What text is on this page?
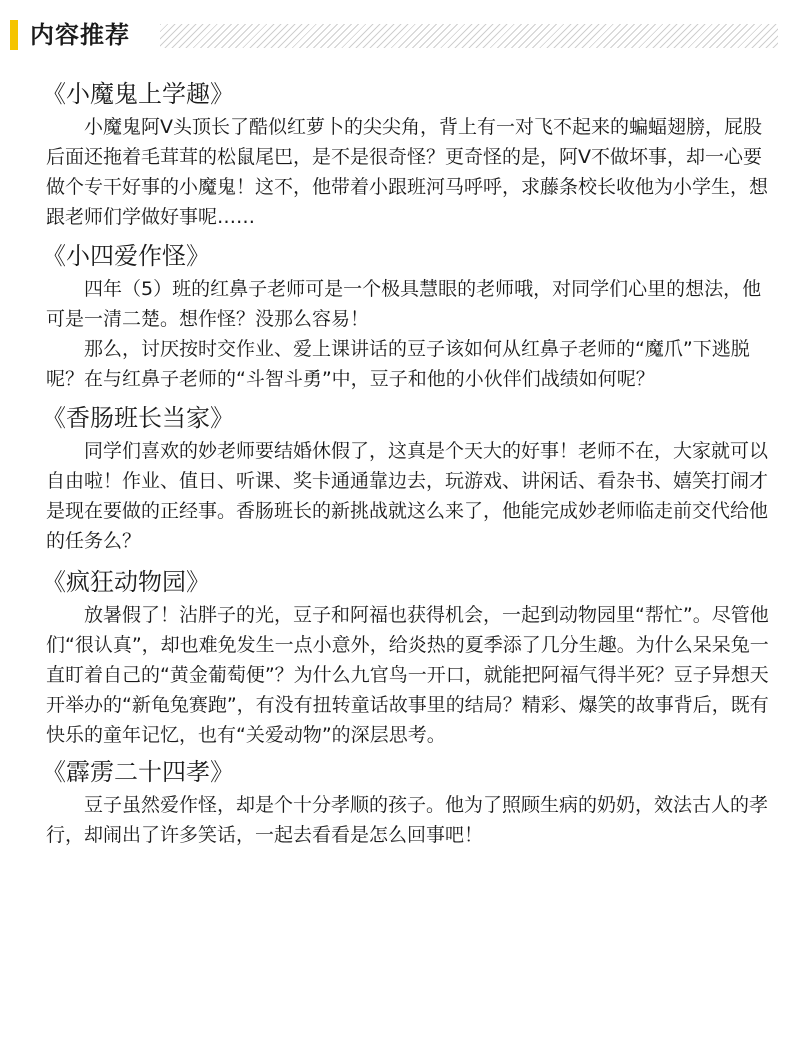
内容推荐
《小魔鬼上学趣》

小魔鬼阿V头顶长了酷似红萝卜的尖尖角，背上有一对飞不起来的蝙蝠翅膀，屁股后面还拖着毛茸茸的松鼠尾巴，是不是很奇怪？更奇怪的是，阿V不做坏事，却一心要做个专干好事的小魔鬼！这不，他带着小跟班河马呼呼，求藤条校长收他为小学生，想跟老师们学做好事呢……

《小四爱作怪》

四年（5）班的红鼻子老师可是一个极具慧眼的老师哦，对同学们心里的想法，他可是一清二楚。想作怪？没那么容易！

那么，讨厌按时交作业、爱上课讲话的豆子该如何从红鼻子老师的“魔爪”下逃脱呢？在与红鼻子老师的“斗智斗勇”中，豆子和他的小伙伴们战绩如何呢？

《香肠班长当家》

同学们喜欢的妙老师要结婚休假了，这真是个天大的好事！老师不在，大家就可以自由啦！作业、值日、听课、奖卡通通靠边去，玩游戏、讲闲话、看杂书、嬉笑打闹才是现在要做的正经事。香肠班长的新挑战就这么来了，他能完成妙老师临走前交代给他的任务么？

《疯狂动物园》

放暑假了！沾胖子的光，豆子和阿福也获得机会，一起到动物园里“帮忙”。尽管他们“很认真”，却也难免发生一点小意外，给炎热的夏季添了几分生趣。为什么呆呆兔一直盯着自己的“黄金葡萄便”？为什么九官鸟一开口，就能把阿福气得半死？豆子异想天开举办的“新龟兔赛跑”，有没有扭转童话故事里的结局？精彩、爆笑的故事背后，既有快乐的童年记忆，也有“关爱动物”的深层思考。

《霹雳二十四孝》

豆子虽然爱作怪，却是个十分孝顺的孩子。他为了照顾生病的奶奶，效法古人的孝行，却闹出了许多笑话，一起去看看是怎么回事吧！
